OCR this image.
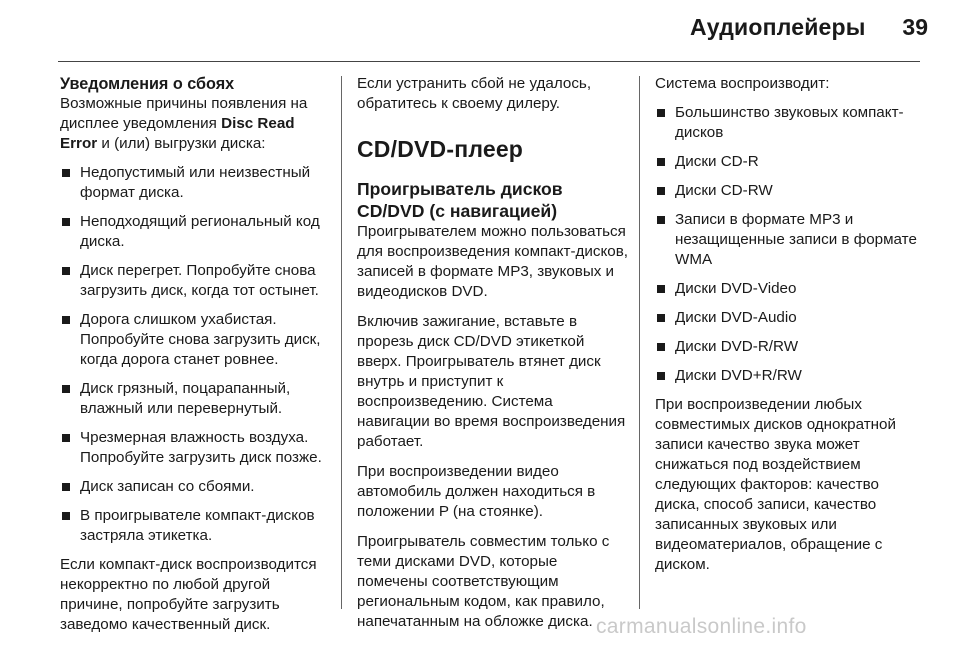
Аудиоплейеры	39
Уведомления о сбоях

Возможные причины появления на дисплее уведомления Disc Read Error и (или) выгрузки диска:

Недопустимый или неизвестный формат диска.
Неподходящий региональный код диска.
Диск перегрет. Попробуйте снова загрузить диск, когда тот остынет.
Дорога слишком ухабистая. Попробуйте снова загрузить диск, когда дорога станет ровнее.
Диск грязный, поцарапанный, влажный или перевернутый.
Чрезмерная влажность воздуха. Попробуйте загрузить диск позже.
Диск записан со сбоями.
В проигрывателе компакт-дисков застряла этикетка.

Если компакт-диск воспроизводится некорректно по любой другой причине, попробуйте загрузить заведомо качественный диск.

Если устранить сбой не удалось, обратитесь к своему дилеру.

CD/DVD-плеер
Проигрыватель дисков CD/DVD (с навигацией)

Проигрывателем можно пользоваться для воспроизведения компакт-дисков, записей в формате MP3, звуковых и видеодисков DVD.

Включив зажигание, вставьте в прорезь диск CD/DVD этикеткой вверх. Проигрыватель втянет диск внутрь и приступит к воспроизведению. Система навигации во время воспроизведения работает.

При воспроизведении видео автомобиль должен находиться в положении P (на стоянке).

Проигрыватель совместим только с теми дисками DVD, которые помечены соответствующим региональным кодом, как правило, напечатанным на обложке диска.

Система воспроизводит:

Большинство звуковых компакт-дисков
Диски CD-R
Диски CD-RW
Записи в формате MP3 и незащищенные записи в формате WMA
Диски DVD-Video
Диски DVD-Audio
Диски DVD-R/RW
Диски DVD+R/RW

При воспроизведении любых совместимых дисков однократной записи качество звука может снижаться под воздействием следующих факторов: качество диска, способ записи, качество записанных звуковых или видеоматериалов, обращение с диском.

carmanualsonline.info
